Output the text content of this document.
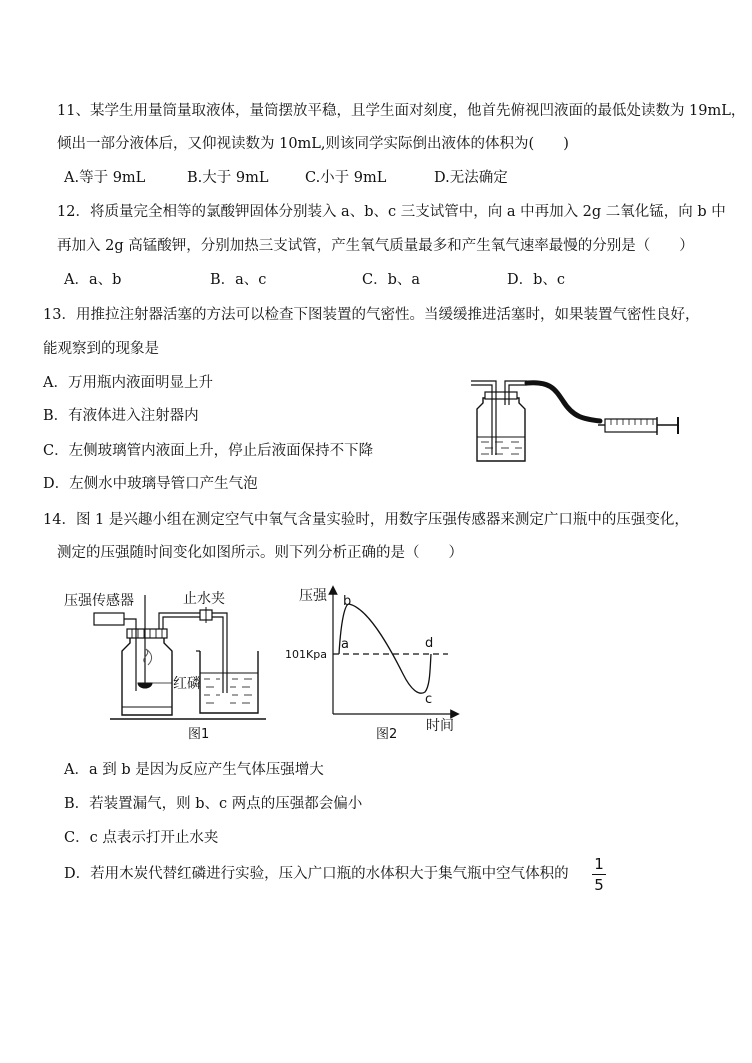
11、某学生用量筒量取液体，量筒摆放平稳，且学生面对刻度，他首先俯视凹液面的最低处读数为 19mL，
倾出一部分液体后，又仰视读数为 10mL,则该同学实际倒出液体的体积为(　　)
A.等于 9mL	B.大于 9mL	C.小于 9mL	D.无法确定
12．将质量完全相等的氯酸钾固体分别装入 a、b、c 三支试管中，向 a 中再加入 2g 二氧化锰，向 b 中
再加入 2g 高锰酸钾，分别加热三支试管，产生氧气质量最多和产生氧气速率最慢的分别是（　　）
A．a、b	B．a、c	C．b、a	D．b、c
13．用推拉注射器活塞的方法可以检查下图装置的气密性。当缓缓推进活塞时，如果装置气密性良好，
能观察到的现象是
A．万用瓶内液面明显上升
B．有液体进入注射器内
C．左侧玻璃管内液面上升，停止后液面保持不下降
D．左侧水中玻璃导管口产生气泡
14．图 1 是兴趣小组在测定空气中氧气含量实验时，用数字压强传感器来测定广口瓶中的压强变化，
测定的压强随时间变化如图所示。则下列分析正确的是（　　）
压强传感器	止水夹
红磷
图1
压强
时间
101Kpa
a
b
c
d
图2
A．a 到 b 是因为反应产生气体压强增大
B．若装置漏气，则 b、c 两点的压强都会偏小
C．c 点表示打开止水夹
D．若用木炭代替红磷进行实验，压入广口瓶的水体积大于集气瓶中空气体积的
1
5
